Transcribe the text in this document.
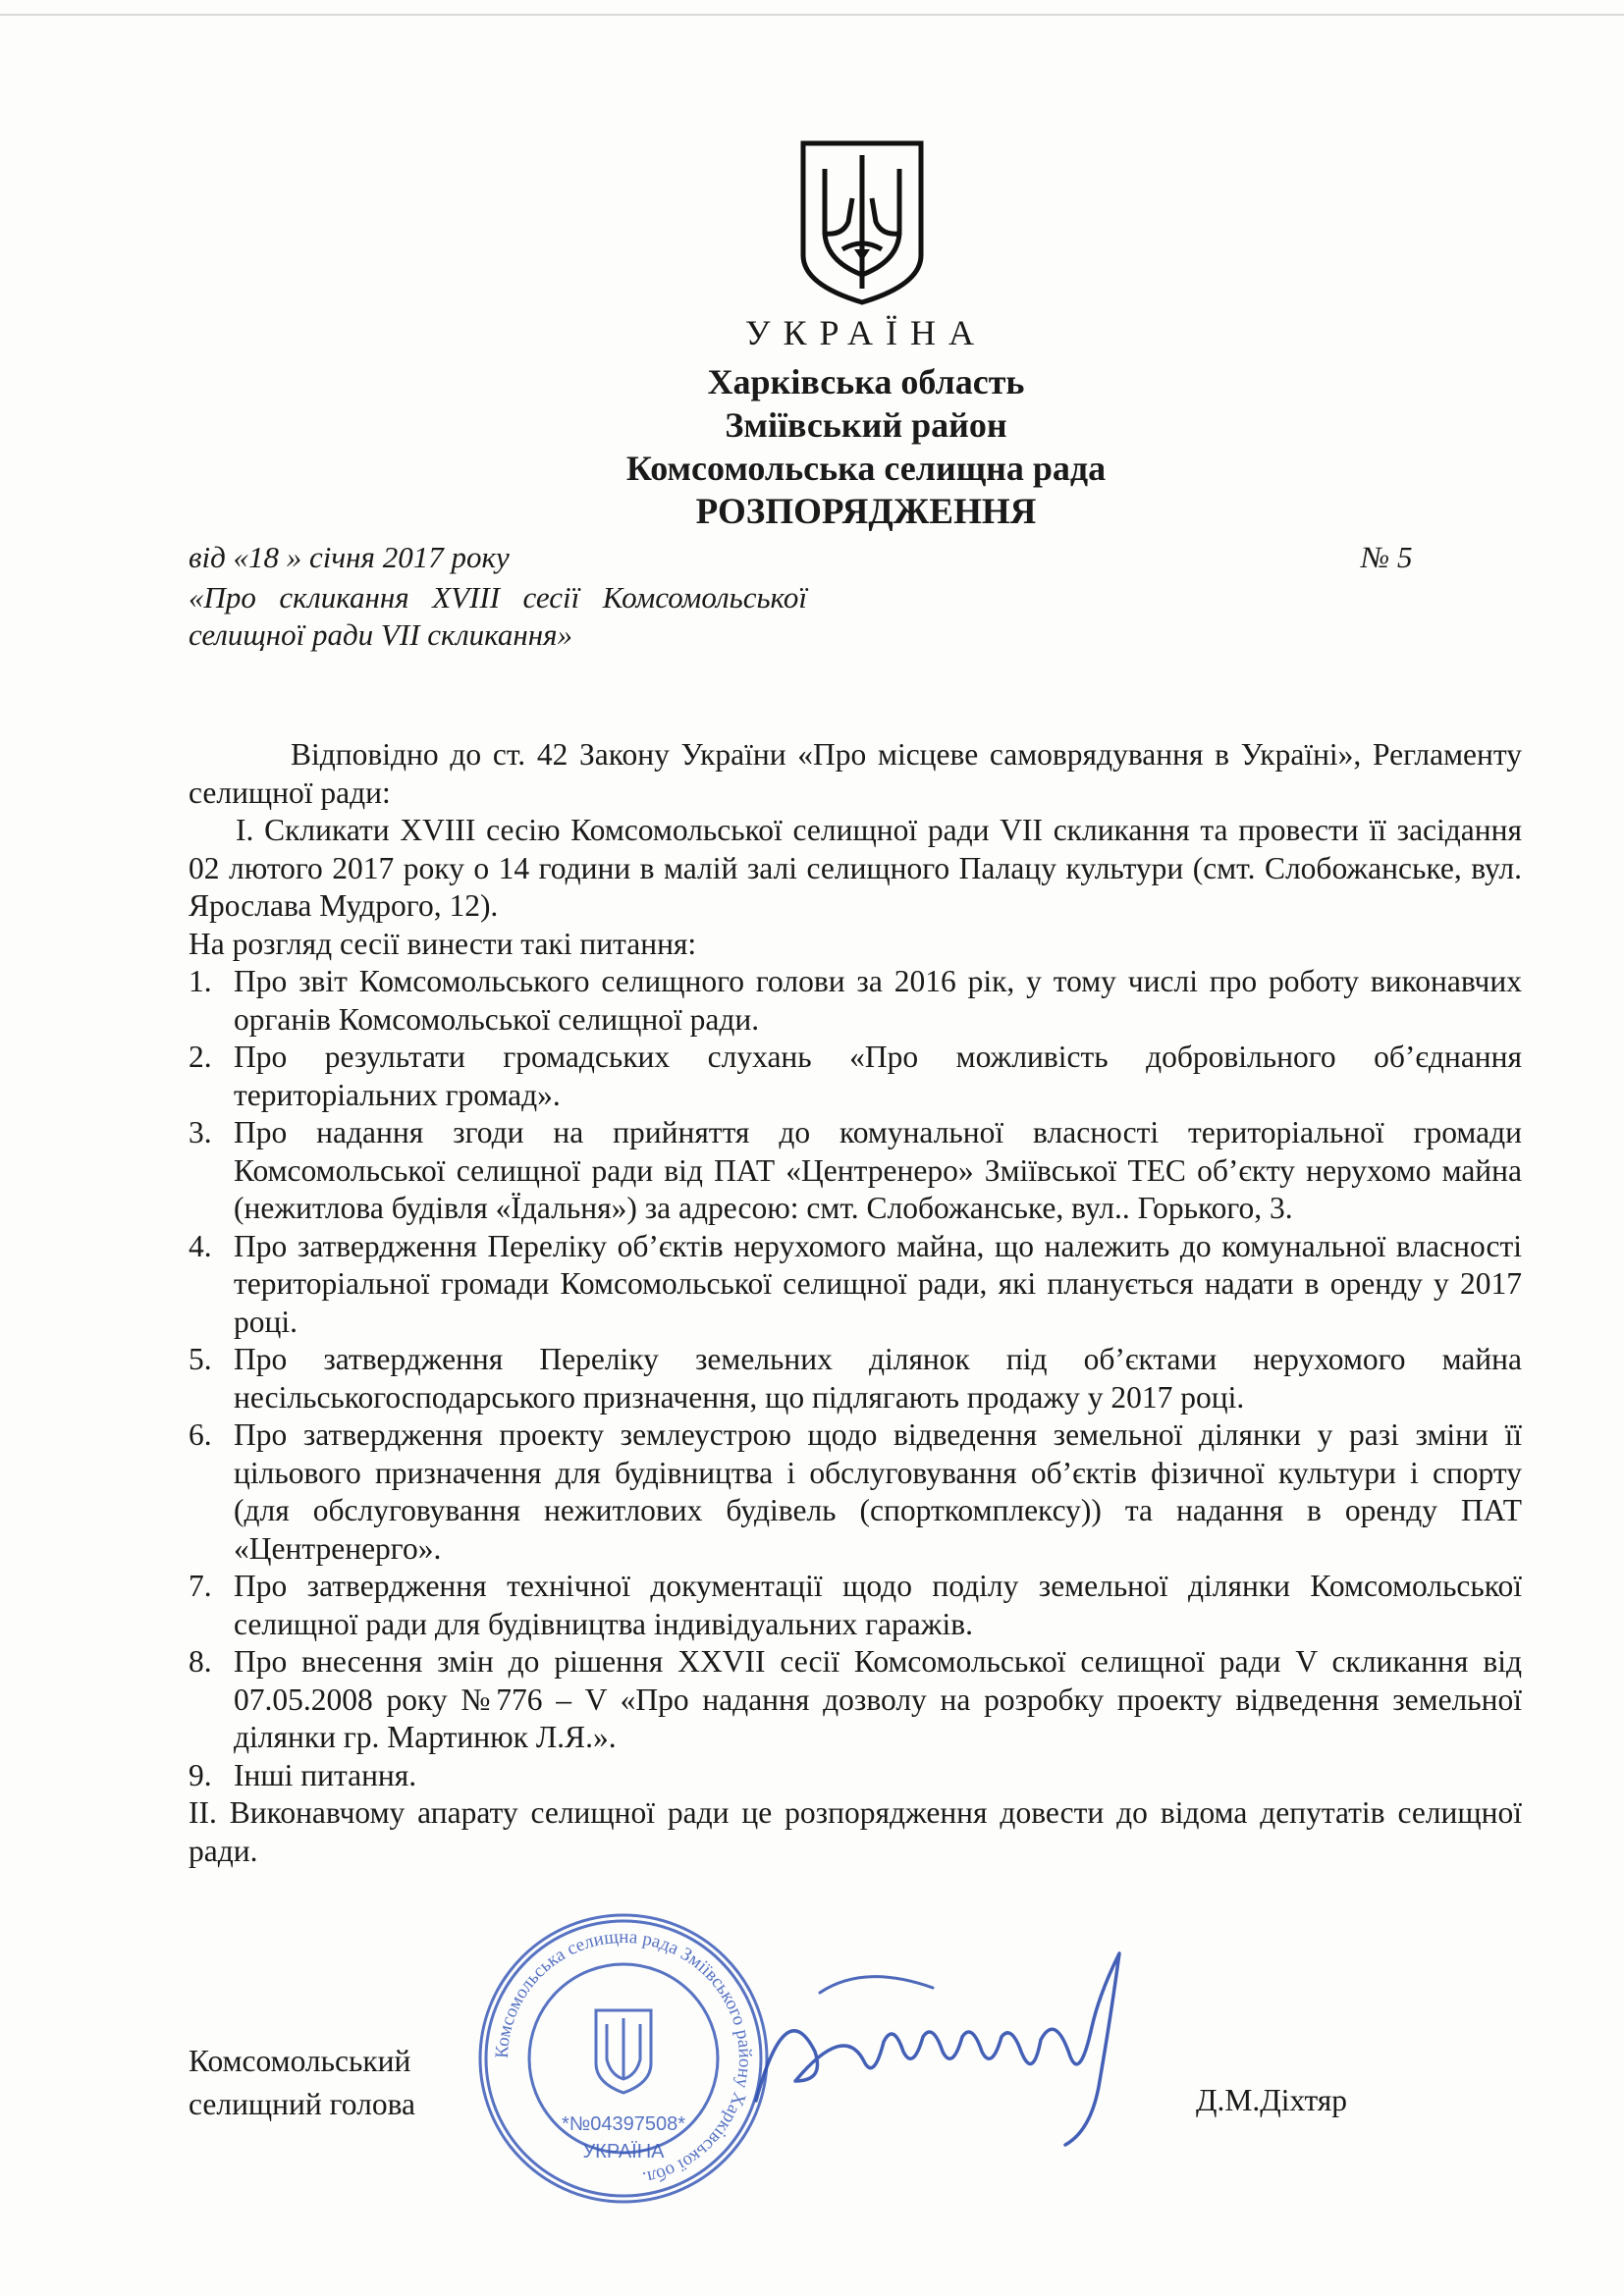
УКРАЇНА
Харківська область
Зміївський район
Комсомольська селищна рада
РОЗПОРЯДЖЕННЯ
від «18 » січня 2017 року	№ 5
«Про скликання XVIII сесії Комсомольської селищної ради VII скликання»

Відповідно до ст. 42 Закону України «Про місцеве самоврядування в Україні», Регламенту селищної ради:

I. Скликати XVIII сесію Комсомольської селищної ради VII скликання та провести її засідання 02 лютого 2017 року о 14 години в малій залі селищного Палацу культури (смт. Слобожанське, вул. Ярослава Мудрого, 12).

На розгляд сесії винести такі питання:

1. Про звіт Комсомольського селищного голови за 2016 рік, у тому числі про роботу виконавчих органів Комсомольської селищної ради.
2. Про результати громадських слухань «Про можливість добровільного об’єднання територіальних громад».
3. Про надання згоди на прийняття до комунальної власності територіальної громади Комсомольської селищної ради від ПАТ «Центренеро» Зміївської ТЕС об’єкту нерухомо майна (нежитлова будівля «Їдальня») за адресою: смт. Слобожанське, вул.. Горького, 3.
4. Про затвердження Переліку об’єктів нерухомого майна, що належить до комунальної власності територіальної громади Комсомольської селищної ради, які планується надати в оренду у 2017 році.
5. Про затвердження Переліку земельних ділянок під об’єктами нерухомого майна несільськогосподарського призначення, що підлягають продажу у 2017 році.
6. Про затвердження проекту землеустрою щодо відведення земельної ділянки у разі зміни її цільового призначення для будівництва і обслуговування об’єктів фізичної культури і спорту (для обслуговування нежитлових будівель (спорткомплексу)) та надання в оренду ПАТ «Центренерго».
7. Про затвердження технічної документації щодо поділу земельної ділянки Комсомольської селищної ради для будівництва індивідуальних гаражів.
8. Про внесення змін до рішення XXVII сесії Комсомольської селищної ради V скликання від 07.05.2008 року №776 – V «Про надання дозволу на розробку проекту відведення земельної ділянки гр. Мартинюк Л.Я.».
9. Інші питання.

II. Виконавчому апарату селищної ради це розпорядження довести до відома депутатів селищної ради.

Комсомольський
селищний голова	Д.М.Діхтяр
Комсомольська селищна рада Зміївського району Харківської обл.
*№04397508*
УКРАЇНА
